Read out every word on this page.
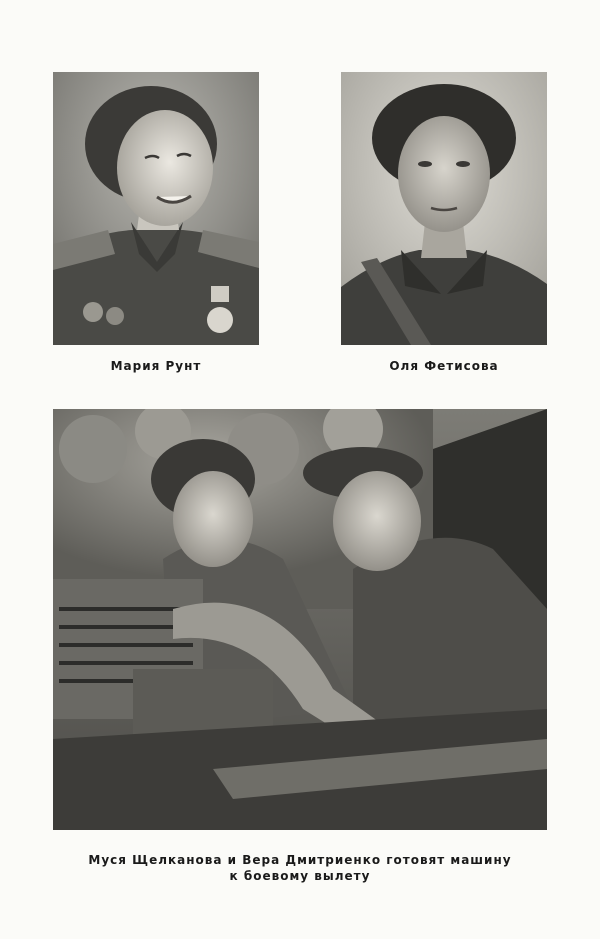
Мария Рунт	Оля Фетисова
Муся Щелканова и Вера Дмитриенко готовят машину
к боевому вылету
